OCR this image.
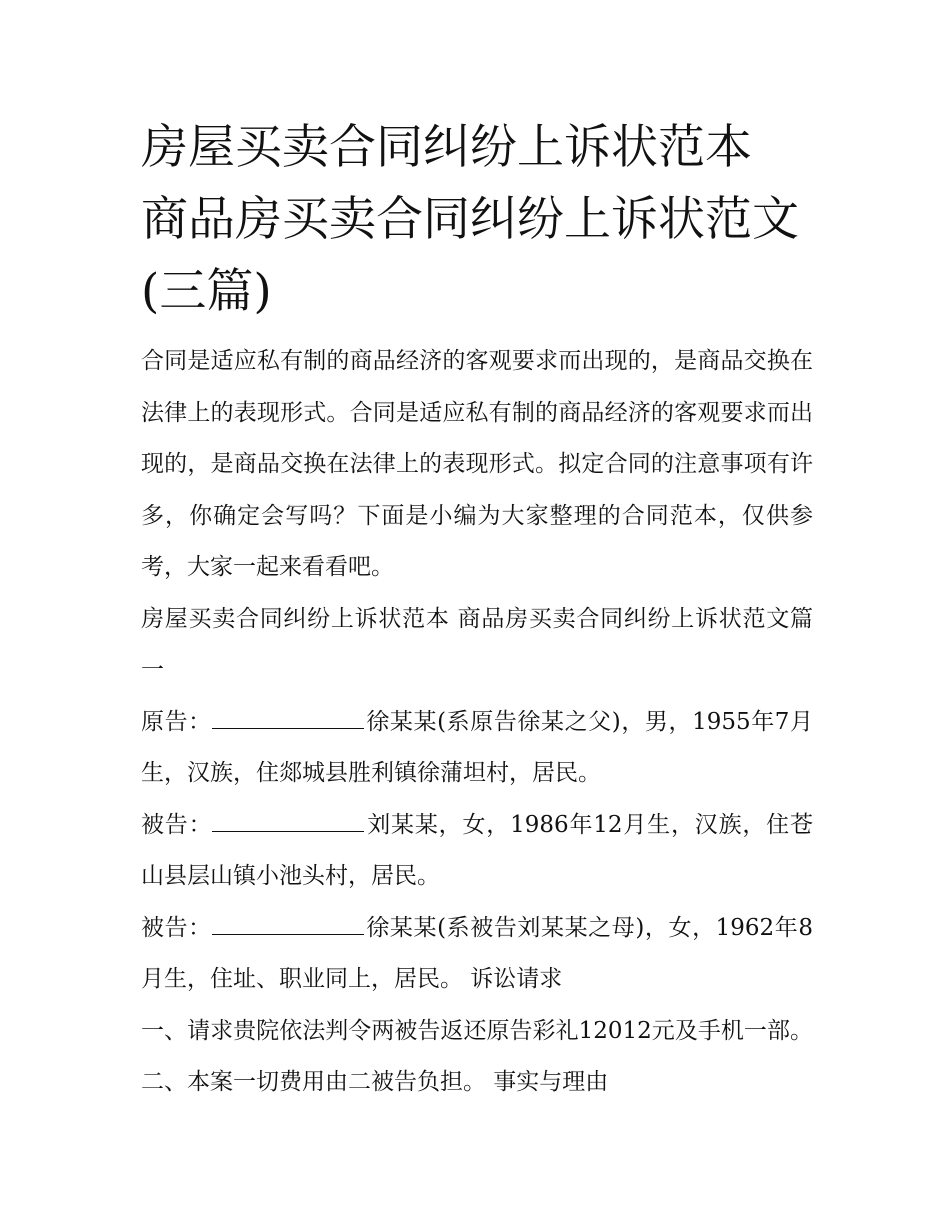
房屋买卖合同纠纷上诉状范本 商品房买卖合同纠纷上诉状范文(三篇)

合同是适应私有制的商品经济的客观要求而出现的，是商品交换在法律上的表现形式。合同是适应私有制的商品经济的客观要求而出现的，是商品交换在法律上的表现形式。拟定合同的注意事项有许多，你确定会写吗？下面是小编为大家整理的合同范本，仅供参考，大家一起来看看吧。

房屋买卖合同纠纷上诉状范本 商品房买卖合同纠纷上诉状范文篇一

原告：	徐某某(系原告徐某之父)，男，1955年7月生，汉族，住郯城县胜利镇徐蒲坦村，居民。

被告：	刘某某，女，1986年12月生，汉族，住苍山县层山镇小池头村，居民。

被告：	徐某某(系被告刘某某之母)，女，1962年8月生，住址、职业同上，居民。 诉讼请求

一、请求贵院依法判令两被告返还原告彩礼12012元及手机一部。 二、本案一切费用由二被告负担。 事实与理由
